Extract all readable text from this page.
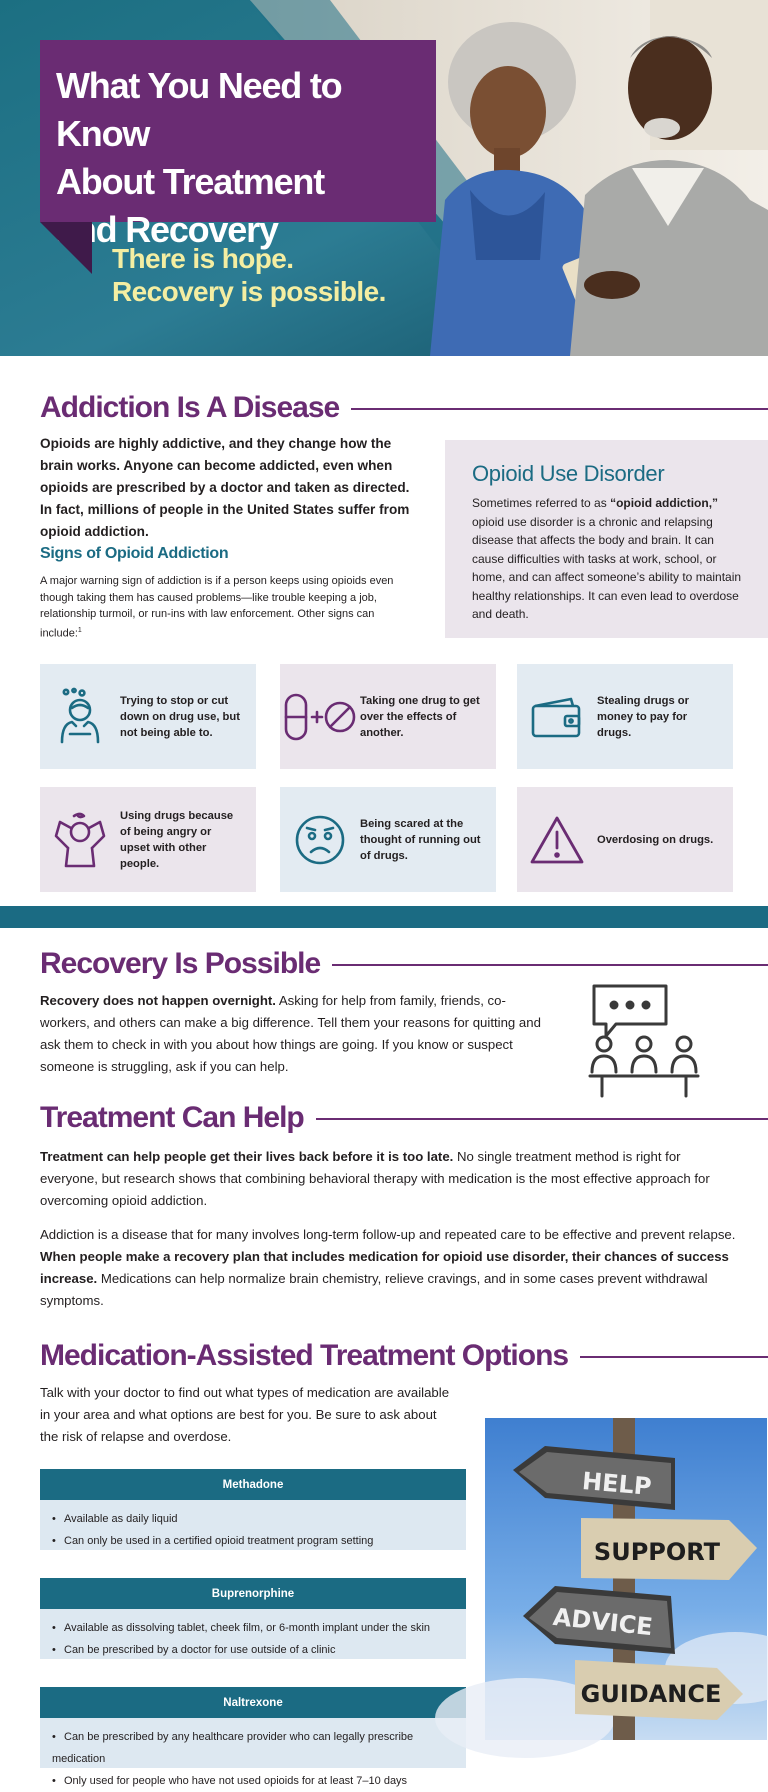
What You Need to Know
About Treatment
and Recovery
There is hope.
Recovery is possible.
Addiction Is A Disease
Opioids are highly addictive, and they change how the brain works. Anyone can become addicted, even when opioids are prescribed by a doctor and taken as directed. In fact, millions of people in the United States suffer from opioid addiction.
Signs of Opioid Addiction
A major warning sign of addiction is if a person keeps using opioids even though taking them has caused problems—like trouble keeping a job, relationship turmoil, or run-ins with law enforcement. Other signs can include:$^1$
Opioid Use Disorder
Sometimes referred to as “opioid addiction,” opioid use disorder is a chronic and relapsing disease that affects the body and brain. It can cause difficulties with tasks at work, school, or home, and can affect someone’s ability to maintain healthy relationships. It can even lead to overdose and death.
Trying to stop or cut down on drug use, but not being able to.
Taking one drug to get over the effects of another.
Stealing drugs or money to pay for drugs.
Using drugs because of being angry or upset with other people.
Being scared at the thought of running out of drugs.
Overdosing on drugs.
Recovery Is Possible
Recovery does not happen overnight. Asking for help from family, friends, co-workers, and others can make a big difference. Tell them your reasons for quitting and ask them to check in with you about how things are going. If you know or suspect someone is struggling, ask if you can help.
Treatment Can Help
Treatment can help people get their lives back before it is too late. No single treatment method is right for everyone, but research shows that combining behavioral therapy with medication is the most effective approach for overcoming opioid addiction.
Addiction is a disease that for many involves long-term follow-up and repeated care to be effective and prevent relapse. When people make a recovery plan that includes medication for opioid use disorder, their chances of success increase. Medications can help normalize brain chemistry, relieve cravings, and in some cases prevent withdrawal symptoms.
Medication-Assisted Treatment Options
Talk with your doctor to find out what types of medication are available in your area and what options are best for you. Be sure to ask about the risk of relapse and overdose.
Methadone
• Available as daily liquid
• Can only be used in a certified opioid treatment program setting
Buprenorphine
• Available as dissolving tablet, cheek film, or 6-month implant under the skin
• Can be prescribed by a doctor for use outside of a clinic
Naltrexone
• Can be prescribed by any healthcare provider who can legally prescribe medication
• Only used for people who have not used opioids for at least 7–10 days
HELP
SUPPORT
ADVICE
GUIDANCE
